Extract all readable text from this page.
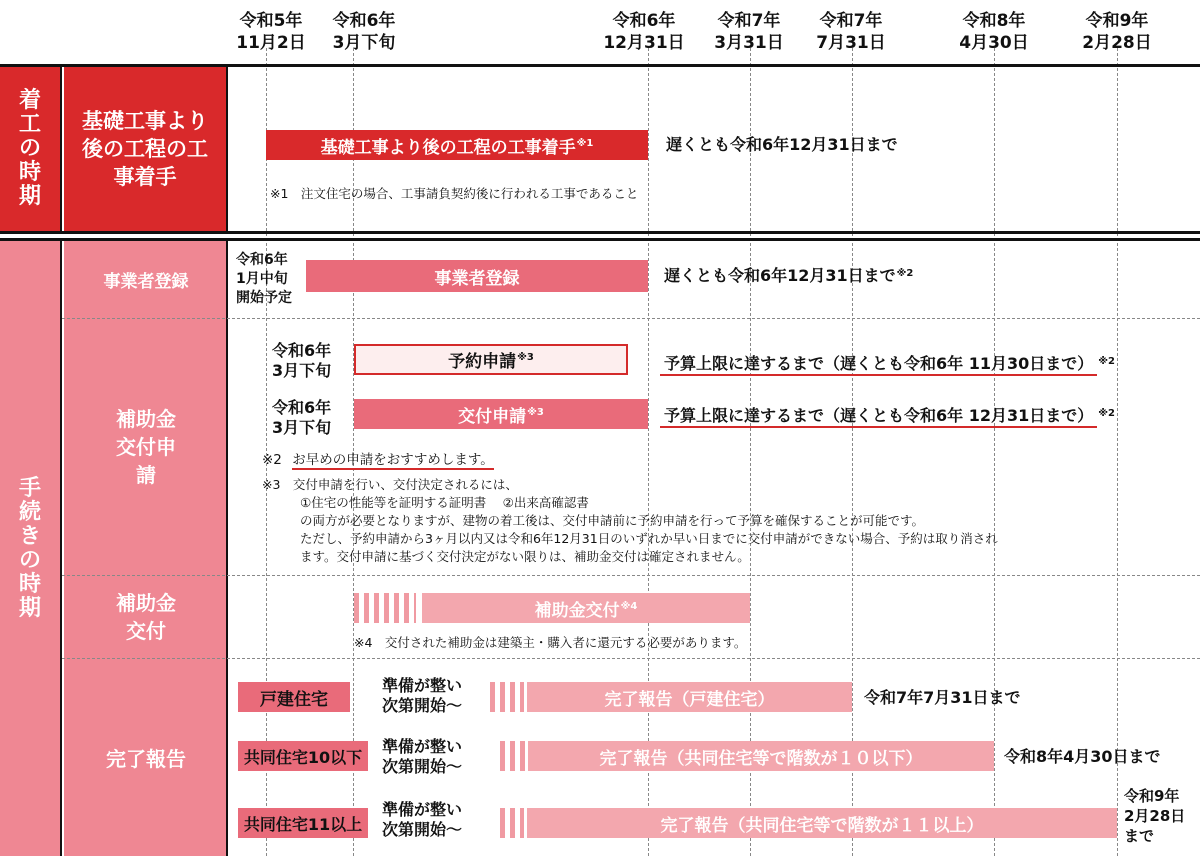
令和5年
11月2日
令和6年
3月下旬
令和6年
12月31日
令和7年
3月31日
令和7年
7月31日
令和8年
4月30日
令和9年
2月28日
着工の時期
基礎工事より後の工程の工事着手
基礎工事より後の工程の工事着手$^{※1}$	遅くとも令和6年12月31日まで
※1　注文住宅の場合、工事請負契約後に行われる工事であること
手続きの時期
事業者登録
補助金交付申請
補助金交付
完了報告
令和6年
1月中旬
開始予定
事業者登録	遅くとも令和6年12月31日まで$^{※2}$
令和6年
3月下旬	予約申請$^{※3}$	予算上限に達するまで（遅くとも令和6年 11月30日まで） $^{※2}$
令和6年
3月下旬
交付申請$^{※3}$	予算上限に達するまで（遅くとも令和6年 12月31日まで） $^{※2}$
※2 お早めの申請をおすすめします。
※3　交付申請を行い、交付決定されるには、
①住宅の性能等を証明する証明書　 ②出来高確認書
の両方が必要となりますが、建物の着工後は、交付申請前に予約申請を行って予算を確保することが可能です。
ただし、予約申請から3ヶ月以内又は令和6年12月31日のいずれか早い日までに交付申請ができない場合、予約は取り消され
ます。交付申請に基づく交付決定がない限りは、補助金交付は確定されません。
補助金交付$^{※4}$
※4　交付された補助金は建築主・購入者に還元する必要があります。
戸建住宅
準備が整い
次第開始〜	完了報告（戸建住宅）	令和7年7月31日まで
共同住宅10以下
準備が整い
次第開始〜	完了報告（共同住宅等で階数が１０以下）	令和8年4月30日まで
共同住宅11以上
準備が整い
次第開始〜	完了報告（共同住宅等で階数が１１以上）
令和9年
2月28日
まで
